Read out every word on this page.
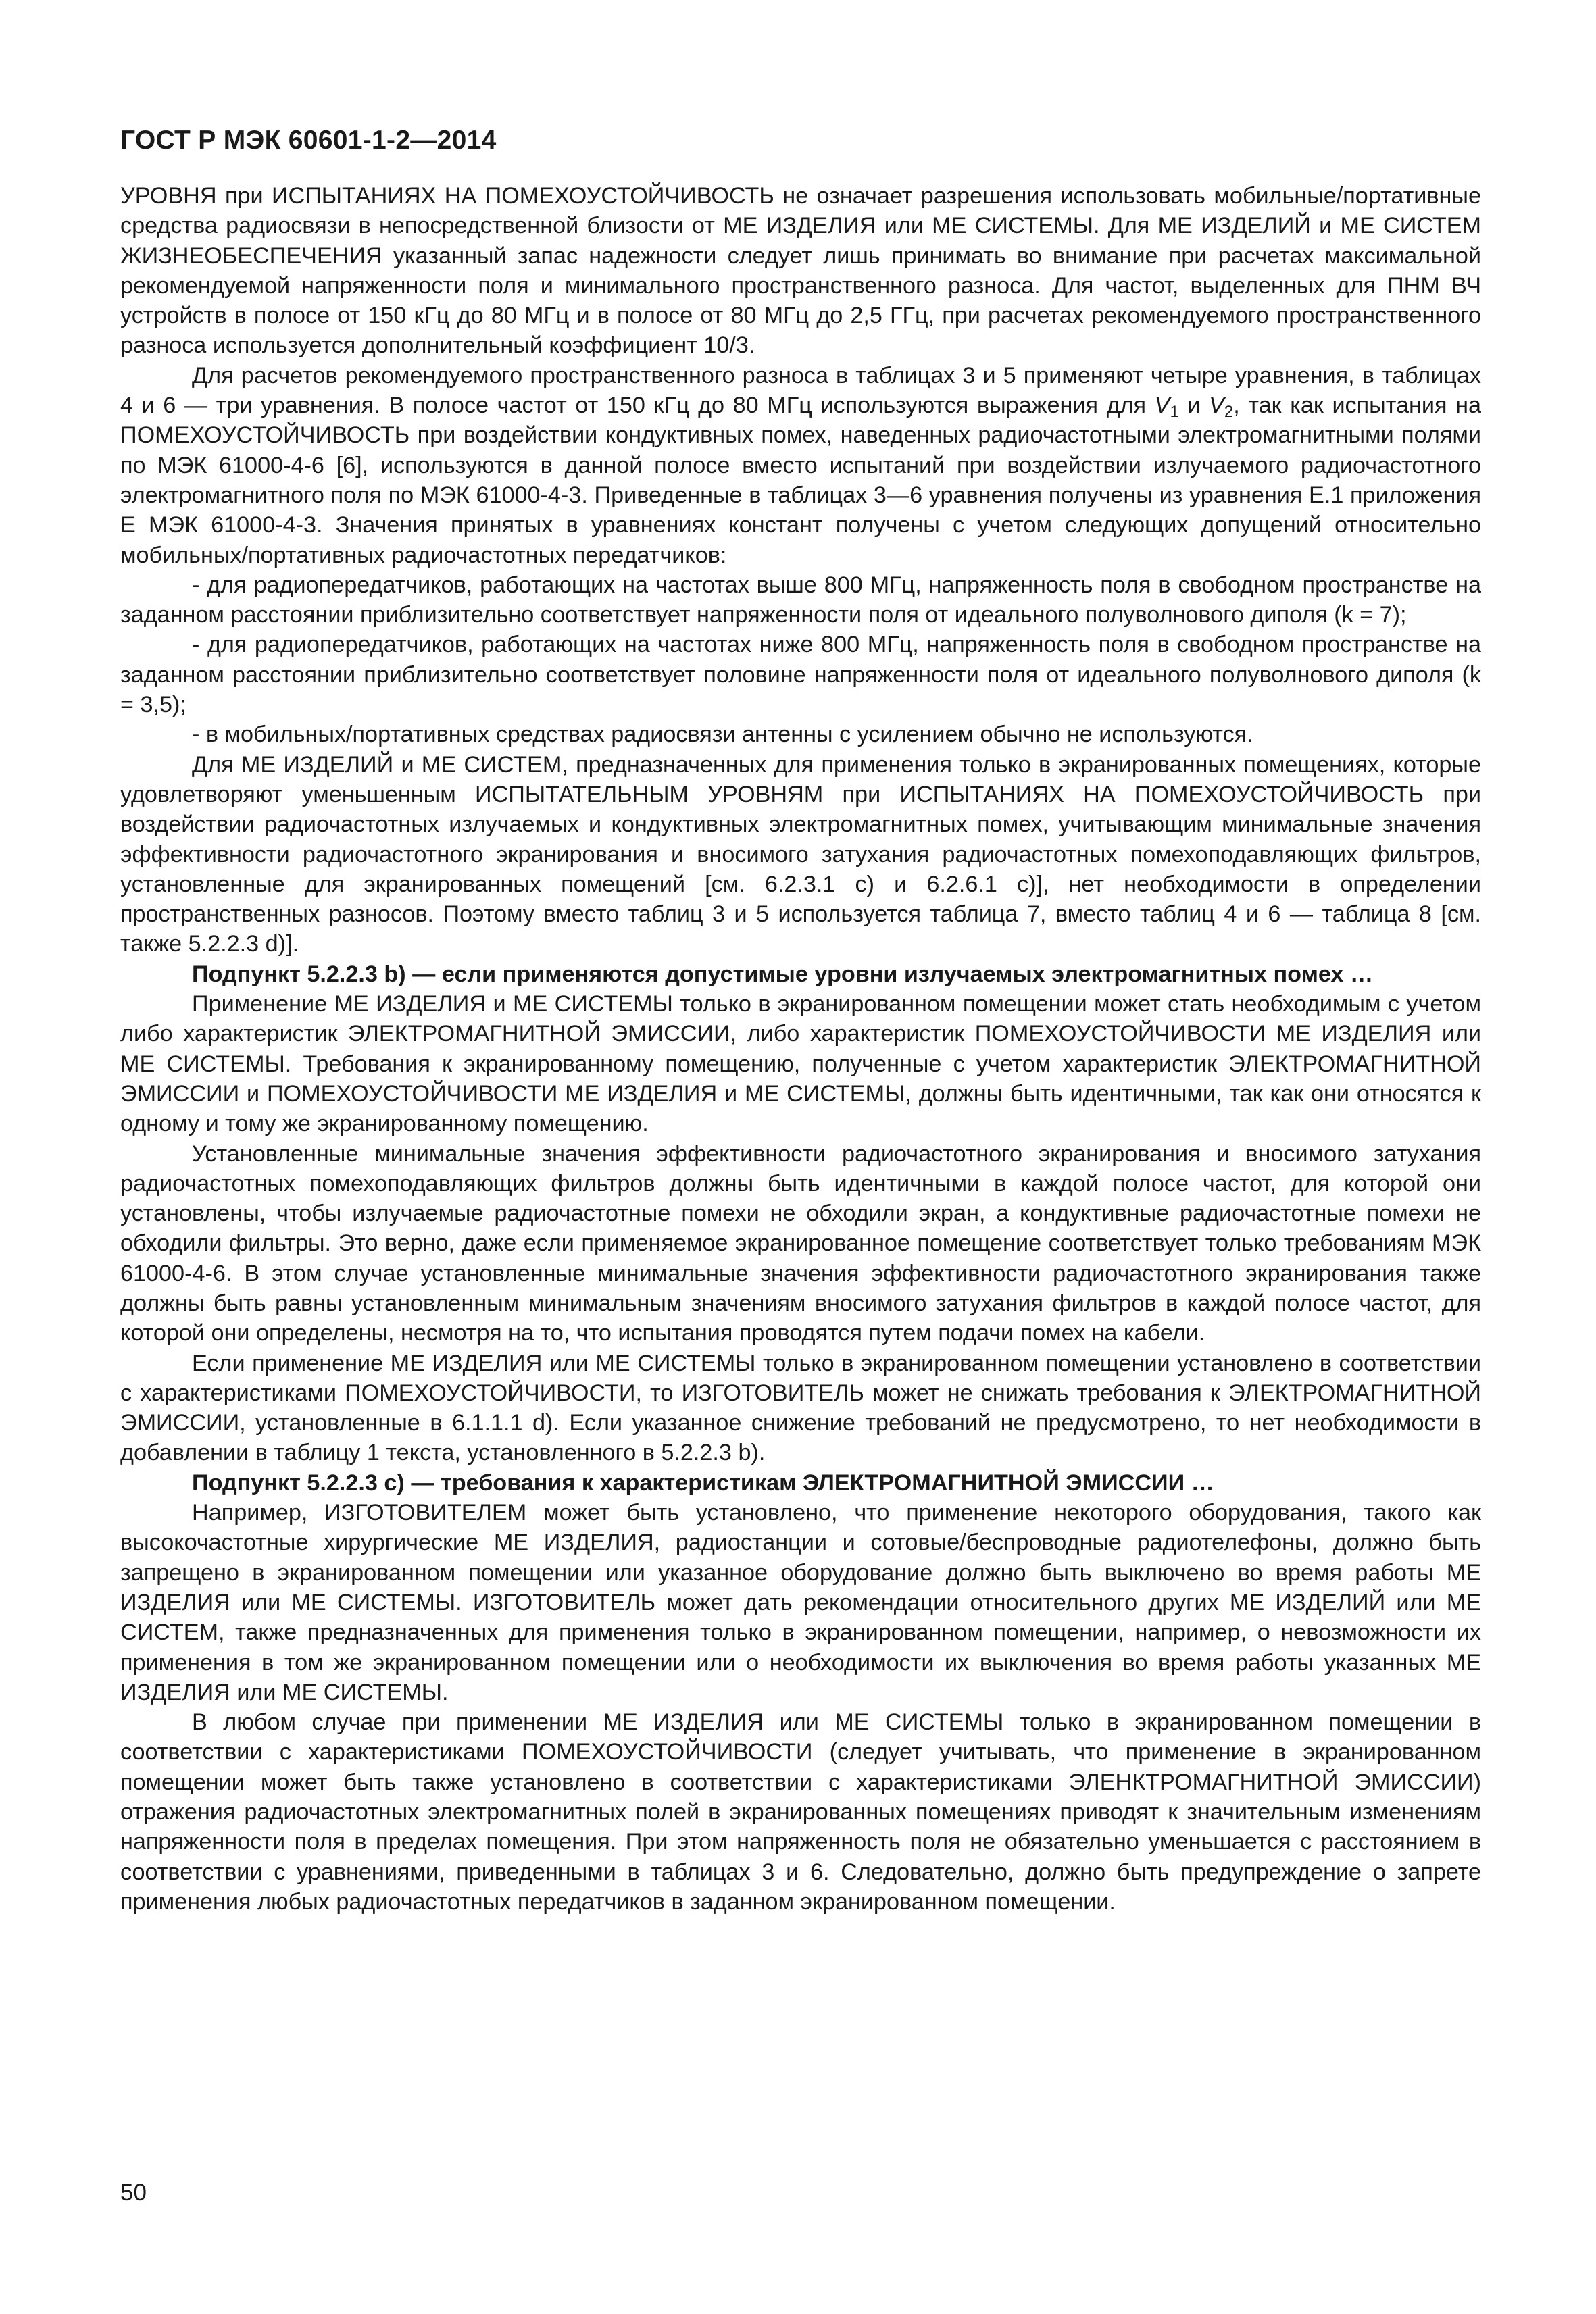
ГОСТ Р МЭК 60601-1-2—2014

УРОВНЯ при ИСПЫТАНИЯХ НА ПОМЕХОУСТОЙЧИВОСТЬ не означает разрешения использовать мобильные/портативные средства радиосвязи в непосредственной близости от МЕ ИЗДЕЛИЯ или МЕ СИСТЕМЫ. Для МЕ ИЗДЕЛИЙ и МЕ СИСТЕМ ЖИЗНЕОБЕСПЕЧЕНИЯ указанный запас надежности следует лишь принимать во внимание при расчетах максимальной рекомендуемой напряженности поля и минимального пространственного разноса. Для частот, выделенных для ПНМ ВЧ устройств в полосе от 150 кГц до 80 МГц и в полосе от 80 МГц до 2,5 ГГц, при расчетах рекомендуемого пространственного разноса используется дополнительный коэффициент 10/3.

Для расчетов рекомендуемого пространственного разноса в таблицах 3 и 5 применяют четыре уравнения, в таблицах 4 и 6 — три уравнения. В полосе частот от 150 кГц до 80 МГц используются выражения для $V_1$ и $V_2$, так как испытания на ПОМЕХОУСТОЙЧИВОСТЬ при воздействии кондуктивных помех, наведенных радиочастотными электромагнитными полями по МЭК 61000-4-6 [6], используются в данной полосе вместо испытаний при воздействии излучаемого радиочастотного электромагнитного поля по МЭК 61000-4-3. Приведенные в таблицах 3—6 уравнения получены из уравнения Е.1 приложения Е МЭК 61000-4-3. Значения принятых в уравнениях констант получены с учетом следующих допущений относительно мобильных/портативных радиочастотных передатчиков:

- для радиопередатчиков, работающих на частотах выше 800 МГц, напряженность поля в свободном пространстве на заданном расстоянии приблизительно соответствует напряженности поля от идеального полуволнового диполя (k = 7);

- для радиопередатчиков, работающих на частотах ниже 800 МГц, напряженность поля в свободном пространстве на заданном расстоянии приблизительно соответствует половине напряженности поля от идеального полуволнового диполя (k = 3,5);

- в мобильных/портативных средствах радиосвязи антенны с усилением обычно не используются.

Для МЕ ИЗДЕЛИЙ и МЕ СИСТЕМ, предназначенных для применения только в экранированных помещениях, которые удовлетворяют уменьшенным ИСПЫТАТЕЛЬНЫМ УРОВНЯМ при ИСПЫТАНИЯХ НА ПОМЕХОУСТОЙЧИВОСТЬ при воздействии радиочастотных излучаемых и кондуктивных электромагнитных помех, учитывающим минимальные значения эффективности радиочастотного экранирования и вносимого затухания радиочастотных помехоподавляющих фильтров, установленные для экранированных помещений [см. 6.2.3.1 с) и 6.2.6.1 с)], нет необходимости в определении пространственных разносов. Поэтому вместо таблиц 3 и 5 используется таблица 7, вместо таблиц 4 и 6 — таблица 8 [см. также 5.2.2.3 d)].

Подпункт 5.2.2.3 b) — если применяются допустимые уровни излучаемых электромагнитных помех …

Применение МЕ ИЗДЕЛИЯ и МЕ СИСТЕМЫ только в экранированном помещении может стать необходимым с учетом либо характеристик ЭЛЕКТРОМАГНИТНОЙ ЭМИССИИ, либо характеристик ПОМЕХОУСТОЙЧИВОСТИ МЕ ИЗДЕЛИЯ или МЕ СИСТЕМЫ. Требования к экранированному помещению, полученные с учетом характеристик ЭЛЕКТРОМАГНИТНОЙ ЭМИССИИ и ПОМЕХОУСТОЙЧИВОСТИ МЕ ИЗДЕЛИЯ и МЕ СИСТЕМЫ, должны быть идентичными, так как они относятся к одному и тому же экранированному помещению.

Установленные минимальные значения эффективности радиочастотного экранирования и вносимого затухания радиочастотных помехоподавляющих фильтров должны быть идентичными в каждой полосе частот, для которой они установлены, чтобы излучаемые радиочастотные помехи не обходили экран, а кондуктивные радиочастотные помехи не обходили фильтры. Это верно, даже если применяемое экранированное помещение соответствует только требованиям МЭК 61000-4-6. В этом случае установленные минимальные значения эффективности радиочастотного экранирования также должны быть равны установленным минимальным значениям вносимого затухания фильтров в каждой полосе частот, для которой они определены, несмотря на то, что испытания проводятся путем подачи помех на кабели.

Если применение МЕ ИЗДЕЛИЯ или МЕ СИСТЕМЫ только в экранированном помещении установлено в соответствии с характеристиками ПОМЕХОУСТОЙЧИВОСТИ, то ИЗГОТОВИТЕЛЬ может не снижать требования к ЭЛЕКТРОМАГНИТНОЙ ЭМИССИИ, установленные в 6.1.1.1 d). Если указанное снижение требований не предусмотрено, то нет необходимости в добавлении в таблицу 1 текста, установленного в 5.2.2.3 b).

Подпункт 5.2.2.3 с) — требования к характеристикам ЭЛЕКТРОМАГНИТНОЙ ЭМИССИИ …

Например, ИЗГОТОВИТЕЛЕМ может быть установлено, что применение некоторого оборудования, такого как высокочастотные хирургические МЕ ИЗДЕЛИЯ, радиостанции и сотовые/беспроводные радиотелефоны, должно быть запрещено в экранированном помещении или указанное оборудование должно быть выключено во время работы МЕ ИЗДЕЛИЯ или МЕ СИСТЕМЫ. ИЗГОТОВИТЕЛЬ может дать рекомендации относительного других МЕ ИЗДЕЛИЙ или МЕ СИСТЕМ, также предназначенных для применения только в экранированном помещении, например, о невозможности их применения в том же экранированном помещении или о необходимости их выключения во время работы указанных МЕ ИЗДЕЛИЯ или МЕ СИСТЕМЫ.

В любом случае при применении МЕ ИЗДЕЛИЯ или МЕ СИСТЕМЫ только в экранированном помещении в соответствии с характеристиками ПОМЕХОУСТОЙЧИВОСТИ (следует учитывать, что применение в экранированном помещении может быть также установлено в соответствии с характеристиками ЭЛЕНКТРОМАГНИТНОЙ ЭМИССИИ) отражения радиочастотных электромагнитных полей в экранированных помещениях приводят к значительным изменениям напряженности поля в пределах помещения. При этом напряженность поля не обязательно уменьшается с расстоянием в соответствии с уравнениями, приведенными в таблицах 3 и 6. Следовательно, должно быть предупреждение о запрете применения любых радиочастотных передатчиков в заданном экранированном помещении.

50
